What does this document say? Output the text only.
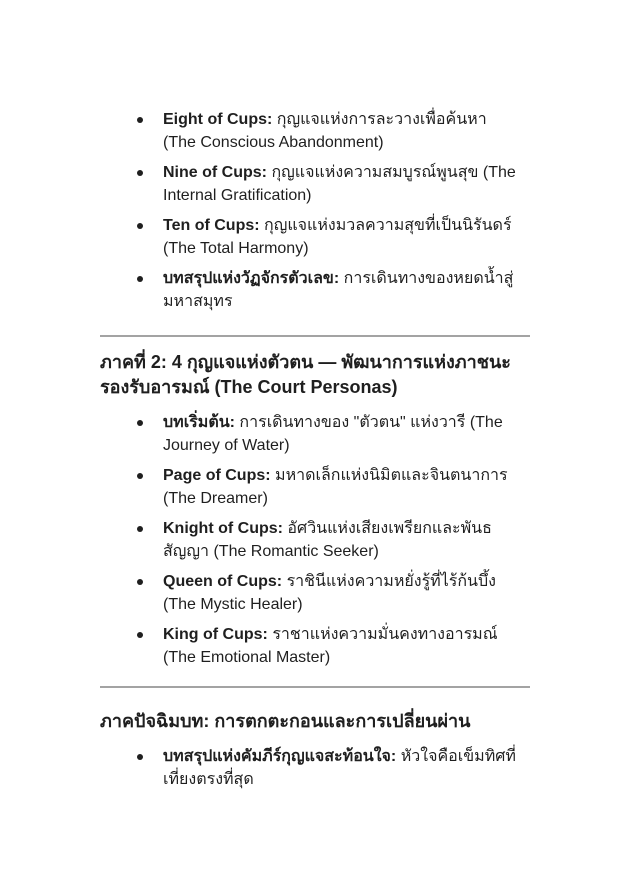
Eight of Cups: กุญแจแห่งการละวางเพื่อค้นหา (The Conscious Abandonment)

Nine of Cups: กุญแจแห่งความสมบูรณ์พูนสุข (The Internal Gratification)

Ten of Cups: กุญแจแห่งมวลความสุขที่เป็นนิรันดร์ (The Total Harmony)

บทสรุปแห่งวัฏจักรตัวเลข: การเดินทางของหยดน้ำสู่มหาสมุทร

ภาคที่ 2: 4 กุญแจแห่งตัวตน — พัฒนาการแห่งภาชนะรองรับอารมณ์ (The Court Personas)

บทเริ่มต้น: การเดินทางของ "ตัวตน" แห่งวารี (The Journey of Water)

Page of Cups: มหาดเล็กแห่งนิมิตและจินตนาการ (The Dreamer)

Knight of Cups: อัศวินแห่งเสียงเพรียกและพันธสัญญา (The Romantic Seeker)

Queen of Cups: ราชินีแห่งความหยั่งรู้ที่ไร้ก้นบึ้ง (The Mystic Healer)

King of Cups: ราชาแห่งความมั่นคงทางอารมณ์ (The Emotional Master)

ภาคปัจฉิมบท: การตกตะกอนและการเปลี่ยนผ่าน

บทสรุปแห่งคัมภีร์กุญแจสะท้อนใจ: หัวใจคือเข็มทิศที่เที่ยงตรงที่สุด
